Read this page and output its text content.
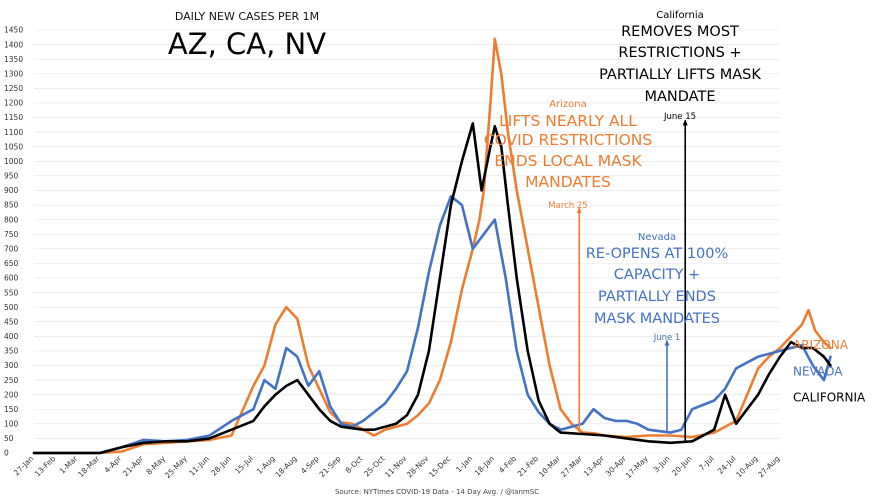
0
50
100
150
200
250
300
350
400
450
500
550
600
650
700
750
800
850
900
950
1000
1050
1100
1150
1200
1250
1300
1350
1400
1450
27-Jan
13-Feb 1-Mar
18-Mar 4-Apr
21-Apr 8-May
25-May
11-Jun
28-Jun 15-Jul 1-Aug
18-Aug 4-Sep
21-Sep 8-Oct
25-Oct
11-Nov
28-Nov
15-Dec 1-Jan
18-Jan 4-Feb
21-Feb
10-Mar
27-Mar
13-Apr
30-Apr
17-May 3-Jun
20-Jun 7-Jul 24-Jul
10-Aug
27-Aug
Arizona
LIFTS NEARLY ALL
COVID RESTRICTIONS
ENDS LOCAL MASK
MANDATES
March 25
California
REMOVES MOST
RESTRICTIONS +
PARTIALLY LIFTS MASK
MANDATE
June 15
Nevada
RE-OPENS AT 100%
CAPACITY +
PARTIALLY ENDS
MASK MANDATES
June 1
ARIZONA
NEVADA
CALIFORNIA
DAILY NEW CASES PER 1M
AZ, CA, NV
Source: NYTimes COVID-19 Data - 14 Day Avg. / @IanmSC
